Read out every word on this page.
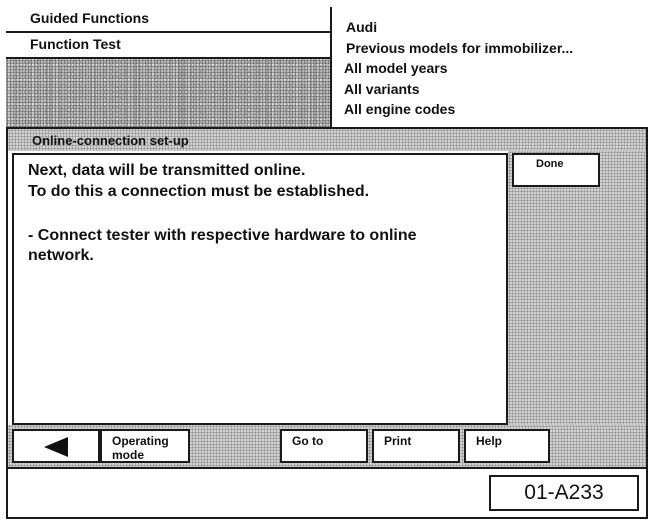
Guided Functions
Function Test
Audi
Previous models for immobilizer...
All model years
All variants
All engine codes
Online-connection set-up
Done
Next, data will be transmitted online.
To do this a connection must be established.
- Connect tester with respective hardware to online
network.
Operating
mode
Go to	Print	Help
01-A233
